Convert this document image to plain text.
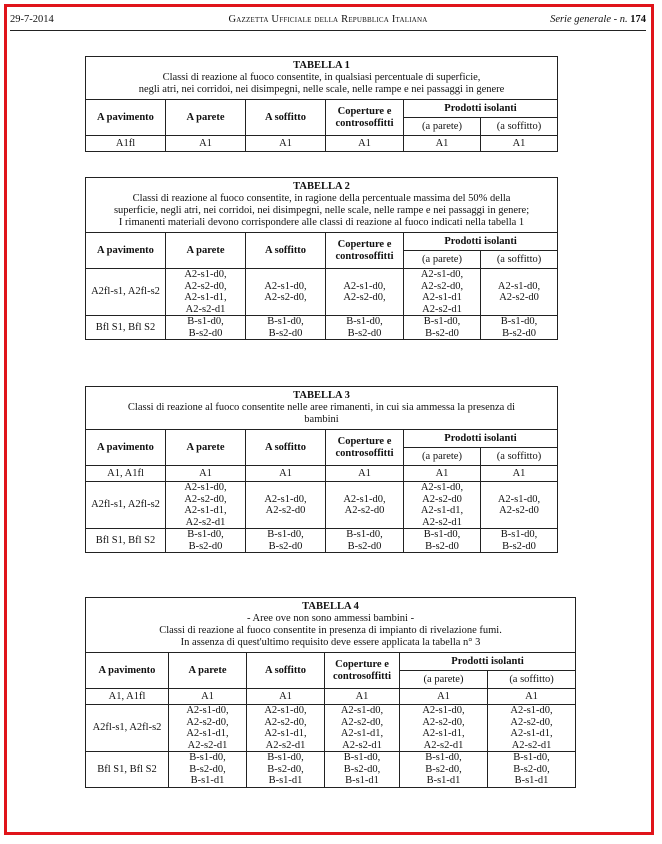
29-7-2014	Gazzetta Ufficiale della Repubblica Italiana	Serie generale - n. 174
TABELLA 1
Classi di reazione al fuoco consentite, in qualsiasi percentuale di superficie,
negli atri, nei corridoi, nei disimpegni, nelle scale, nelle rampe e nei passaggi in genere					

A pavimento	A parete	A soffitto	Coperture e controsoffitti	Prodotti isolanti	
				(a parete)	(a soffitto)

A1fl	A1	A1	A1	A1	A1
TABELLA 2
Classi di reazione al fuoco consentite, in ragione della percentuale massima del 50% della
superficie, negli atri, nei corridoi, nei disimpegni, nelle scale, nelle rampe e nei passaggi in genere;
I rimanenti materiali devono corrispondere alle classi di reazione al fuoco indicati nella tabella 1					

A pavimento	A parete	A soffitto	Coperture e controsoffitti	Prodotti isolanti	
				(a parete)	(a soffitto)

A2fl-s1, A2fl-s2	A2-s1-d0,
A2-s2-d0,
A2-s1-d1,
A2-s2-d1	A2-s1-d0,
A2-s2-d0,	A2-s1-d0,
A2-s2-d0,	A2-s1-d0,
A2-s2-d0,
A2-s1-d1
A2-s2-d1	A2-s1-d0,
A2-s2-d0

Bfl S1, Bfl S2	B-s1-d0,
B-s2-d0	B-s1-d0,
B-s2-d0	B-s1-d0,
B-s2-d0	B-s1-d0,
B-s2-d0	B-s1-d0,
B-s2-d0
TABELLA 3
Classi di reazione al fuoco consentite nelle aree rimanenti, in cui sia ammessa la presenza di
bambini					

A pavimento	A parete	A soffitto	Coperture e controsoffitti	Prodotti isolanti	
				(a parete)	(a soffitto)

A1, A1fl	A1	A1	A1	A1	A1

A2fl-s1, A2fl-s2	A2-s1-d0,
A2-s2-d0,
A2-s1-d1,
A2-s2-d1	A2-s1-d0,
A2-s2-d0	A2-s1-d0,
A2-s2-d0	A2-s1-d0,
A2-s2-d0
A2-s1-d1,
A2-s2-d1	A2-s1-d0,
A2-s2-d0

Bfl S1, Bfl S2	B-s1-d0,
B-s2-d0	B-s1-d0,
B-s2-d0	B-s1-d0,
B-s2-d0	B-s1-d0,
B-s2-d0	B-s1-d0,
B-s2-d0
TABELLA 4
- Aree ove non sono ammessi bambini -
Classi di reazione al fuoco consentite in presenza di impianto di rivelazione fumi.
In assenza di quest'ultimo requisito deve essere applicata la tabella n° 3					

A pavimento	A parete	A soffitto	Coperture e controsoffitti	Prodotti isolanti	
				(a parete)	(a soffitto)

A1, A1fl	A1	A1	A1	A1	A1

A2fl-s1, A2fl-s2	A2-s1-d0,
A2-s2-d0,
A2-s1-d1,
A2-s2-d1	A2-s1-d0,
A2-s2-d0,
A2-s1-d1,
A2-s2-d1	A2-s1-d0,
A2-s2-d0,
A2-s1-d1,
A2-s2-d1	A2-s1-d0,
A2-s2-d0,
A2-s1-d1,
A2-s2-d1	A2-s1-d0,
A2-s2-d0,
A2-s1-d1,
A2-s2-d1

Bfl S1, Bfl S2	B-s1-d0,
B-s2-d0,
B-s1-d1	B-s1-d0,
B-s2-d0,
B-s1-d1	B-s1-d0,
B-s2-d0,
B-s1-d1	B-s1-d0,
B-s2-d0,
B-s1-d1	B-s1-d0,
B-s2-d0,
B-s1-d1
